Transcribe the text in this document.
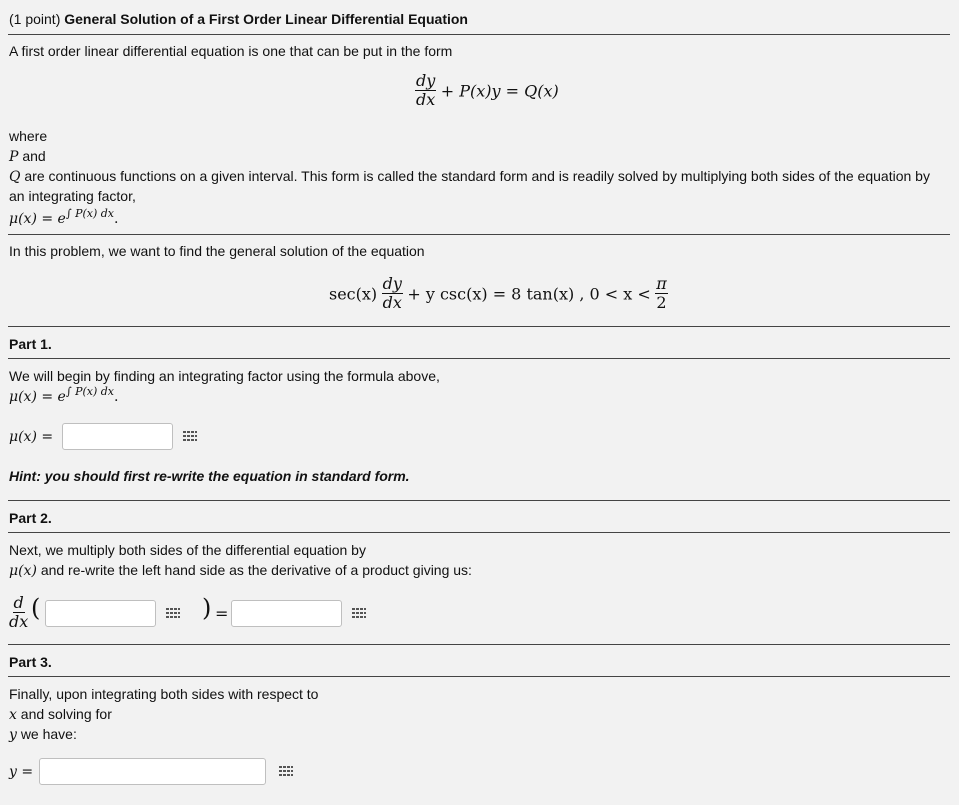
(1 point) General Solution of a First Order Linear Differential Equation
A first order linear differential equation is one that can be put in the form
$\frac{dy}{dx} + P(x)y = Q(x)$
where
P and
Q are continuous functions on a given interval. This form is called the standard form and is readily solved by multiplying both sides of the equation by
an integrating factor,
$\mu(x) = e^{\int P(x) dx}$.
In this problem, we want to find the general solution of the equation
$\sec(x) \frac{dy}{dx} + y$ csc(x) = 8 tan(x) , $0 < x < \frac{\pi}{2}$
Part 1.
We will begin by finding an integrating factor using the formula above,
$\mu(x) = e^{\int P(x) dx}$.
μ(x) =
Hint: you should first re-write the equation in standard form.
Part 2.
Next, we multiply both sides of the differential equation by
μ(x) and re-write the left hand side as the derivative of a product giving us:
$\frac{d}{dx}$ (	) =
Part 3.
Finally, upon integrating both sides with respect to
x and solving for
y we have:
y =
